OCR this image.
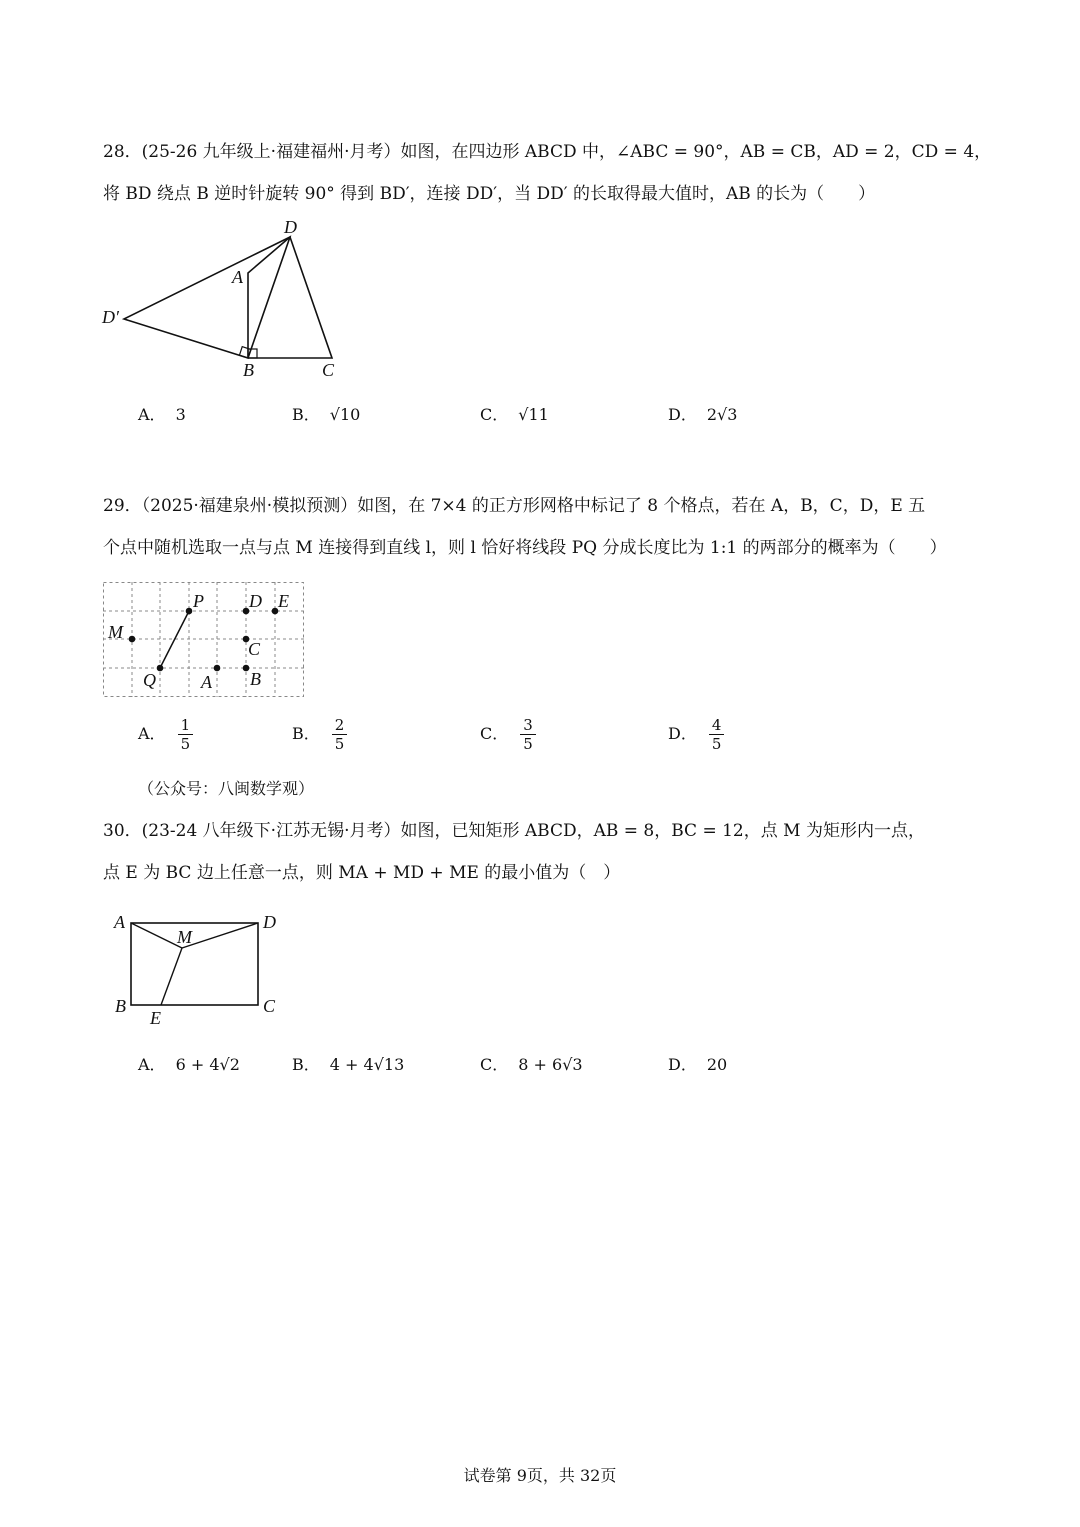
28．(25-26 九年级上·福建福州·月考）如图，在四边形 ABCD 中，∠ABC = 90°，AB = CB，AD = 2，CD = 4，
将 BD 绕点 B 逆时针旋转 90° 得到 BD′，连接 DD′，当 DD′ 的长取得最大值时，AB 的长为（　　）
D
A
D′
B	C
A． 3	B． √10	C． √11	D． 2√3
29．（2025·福建泉州·模拟预测）如图，在 7×4 的正方形网格中标记了 8 个格点，若在 A，B，C，D，E 五
个点中随机选取一点与点 M 连接得到直线 l，则 l 恰好将线段 PQ 分成长度比为 1:1 的两部分的概率为（　　）
P	D E
M
C
Q	A B
A． $\frac{1}{5}$	B． $\frac{2}{5}$	C． $\frac{3}{5}$	D． $\frac{4}{5}$
（公众号：八闽数学观）
30．(23-24 八年级下·江苏无锡·月考）如图，已知矩形 ABCD，AB = 8，BC = 12，点 M 为矩形内一点，
点 E 为 BC 边上任意一点，则 MA + MD + ME 的最小值为（　）
A	D
M
B	C
E
A． 6 + 4√2	B． 4 + 4√13	C． 8 + 6√3	D． 20
试卷第 9页，共 32页
